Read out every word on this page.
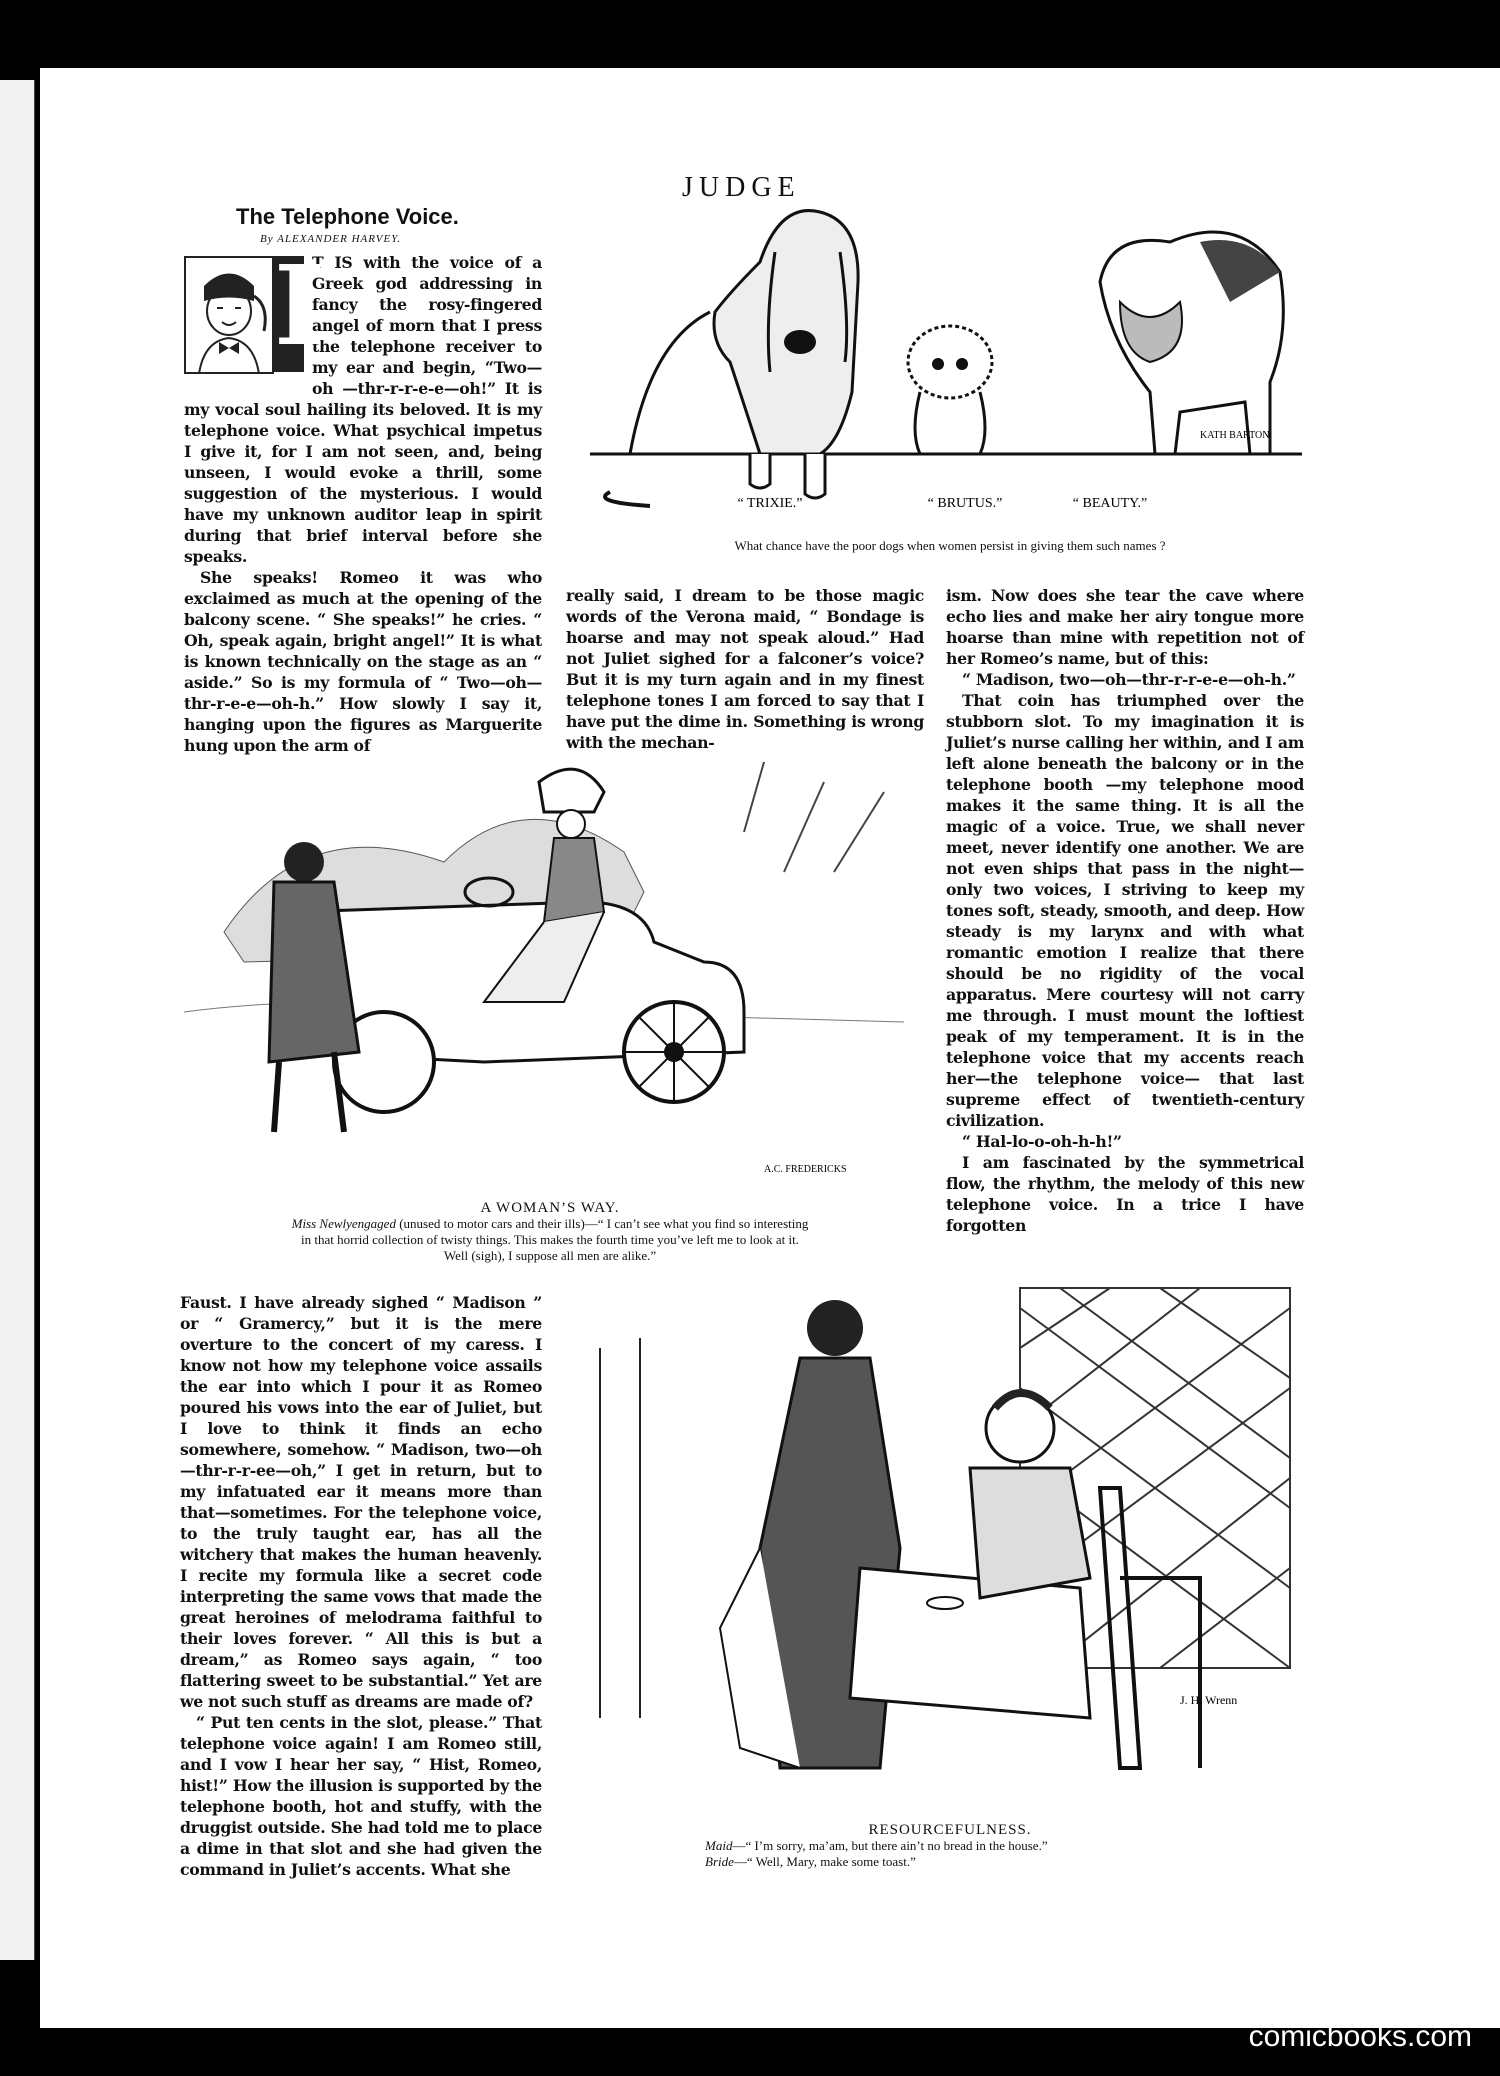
JUDGE
The Telephone Voice.
By ALEXANDER HARVEY.
I

T IS with the voice of a Greek god addressing in fancy the rosy-fingered angel of morn that I press the telephone receiver to my ear and begin, “Two—oh —thr-r-r-e-e—oh!” It is my vocal soul hailing its beloved. It is my telephone voice. What psychical impetus I give it, for I am not seen, and, being unseen, I would evoke a thrill, some suggestion of the mysterious. I would have my unknown auditor leap in spirit during that brief interval before she speaks.

She speaks! Romeo it was who exclaimed as much at the opening of the balcony scene. “ She speaks!” he cries. “ Oh, speak again, bright angel!” It is what is known technically on the stage as an “ aside.” So is my formula of “ Two—oh—thr-r-e-e—oh-h.” How slowly I say it, hanging upon the figures as Marguerite hung upon the arm of

really said, I dream to be those magic words of the Verona maid, “ Bondage is hoarse and may not speak aloud.” Had not Juliet sighed for a falconer’s voice? But it is my turn again and in my finest telephone tones I am forced to say that I have put the dime in. Something is wrong with the mechan-

ism. Now does she tear the cave where echo lies and make her airy tongue more hoarse than mine with repetition not of her Romeo’s name, but of this:

“ Madison, two—oh—thr-r-r-e-e—oh-h.”

That coin has triumphed over the stubborn slot. To my imagination it is Juliet’s nurse calling her within, and I am left alone beneath the balcony or in the telephone booth —my telephone mood makes it the same thing. It is all the magic of a voice. True, we shall never meet, never identify one another. We are not even ships that pass in the night—only two voices, I striving to keep my tones soft, steady, smooth, and deep. How steady is my larynx and with what romantic emotion I realize that there should be no rigidity of the vocal apparatus. Mere courtesy will not carry me through. I must mount the loftiest peak of my temperament. It is in the telephone voice that my accents reach her—the telephone voice— that last supreme effect of twentieth-century civilization.

“ Hal-lo-o-oh-h-h!”

I am fascinated by the symmetrical flow, the rhythm, the melody of this new telephone voice. In a trice I have forgotten

Faust. I have already sighed “ Madison ” or “ Gramercy,” but it is the mere overture to the concert of my caress. I know not how my telephone voice assails the ear into which I pour it as Romeo poured his vows into the ear of Juliet, but I love to think it finds an echo somewhere, somehow. “ Madison, two—oh—thr-r-r-ee—oh,” I get in return, but to my infatuated ear it means more than that—sometimes. For the telephone voice, to the truly taught ear, has all the witchery that makes the human heavenly. I recite my formula like a secret code interpreting the same vows that made the great heroines of melodrama faithful to their loves forever. “ All this is but a dream,” as Romeo says again, “ too flattering sweet to be substantial.” Yet are we not such stuff as dreams are made of?

“ Put ten cents in the slot, please.” That telephone voice again! I am Romeo still, and I vow I hear her say, “ Hist, Romeo, hist!” How the illusion is supported by the telephone booth, hot and stuffy, with the druggist outside. She had told me to place a dime in that slot and she had given the command in Juliet’s accents. What she

KATH BARTON
“ TRIXIE.”	“ BRUTUS.”	“ BEAUTY.”
What chance have the poor dogs when women persist in giving them such names ?
A.C. FREDERICKS
A WOMAN’S WAY.
Miss Newlyengaged (unused to motor cars and their ills)—“ I can’t see what you find so interesting
in that horrid collection of twisty things. This makes the fourth time you’ve left me to look at it.
Well (sigh), I suppose all men are alike.”
J. H. Wrenn
RESOURCEFULNESS.
Maid—“ I’m sorry, ma’am, but there ain’t no bread in the house.”
Bride—“ Well, Mary, make some toast.”
comicbooks.com
